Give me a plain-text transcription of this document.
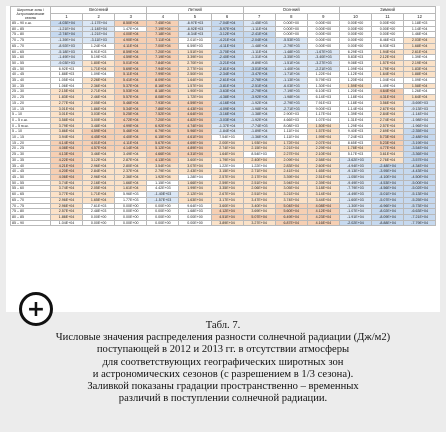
Широтные зоны / Астрономические сезоны	Весенний			Летний			Осенний			Зимний		
	1	2	3	4	5	6	7	8	9	10	11	12
85 – 90 с.ш.	-4.03E+04	-1.17E+04	8.50E+04	7.45E+04	-6.97E+03	-7.04E+04	-1.45E+03	0.00E+00	0.00E+00	0.00E+00	0.00E+00	1.18E+03
80 – 85	-1.21E+04	-1.14E+04	1.47E+04	7.19E+04	-6.92E+03	-5.97E+04	-1.11E+04	0.00E+00	0.00E+00	0.00E+00	0.00E+00	1.14E+04
75 – 80	-2.74E+04	-1.21E+04	4.00E+04	7.18E+04	-6.34E+03	-3.12E+04	-2.41E+04	0.00E+00	0.00E+00	0.00E+00	0.00E+00	1.46E+04
70 – 75	-1.39E+04	-3.11E+03	4.90E+04	7.11E+04	2.01E+03	-4.21E+04	-2.04E+04	-5.53E+03	0.00E+00	0.00E+00	8.46E+03	2.03E+04
65 – 70	-8.92E+03	1.24E+04	4.11E+04	7.00E+04	6.59E+03	-4.11E+04	-1.48E+04	-2.79E+03	0.00E+00	0.00E+00	6.93E+03	1.68E+04
60 – 65	-5.18E+03	6.91E+03	8.59E+04	7.20E+04	1.51E+04	-3.70E+04	-1.11E+04	-1.48E+03	-1.67E+03	6.29E+03	1.94E+04	2.61E+04
55 – 60	-1.49E+04	5.19E+03	4.59E+04	7.19E+04	3.39E+04	-2.40E+04	-1.31E+04	-3.35E+03	-3.40E+03	5.83E+03	2.12E+04	1.39E+04
50 – 55	-9.03E+03	1.80E+04	5.01E+04	7.84E+04	2.70E+04	-3.21E+04	-9.89E+03	-1.51E+04	-3.27E+03	9.08E+03	1.57E+04	2.19E+04
45 – 50	6.92E+03	1.71E+04	5.69E+04	7.94E+04	2.77E+04	-2.81E+04	-3.01E+04	-1.40E+04	-2.21E+03	1.09E+04	1.79E+04	1.83E+04
40 – 45	1.88E+03	1.09E+04	5.11E+04	7.99E+04	2.50E+04	-2.34E+04	-3.47E+04	-1.71E+04	1.22E+04	1.12E+04	1.64E+04	1.88E+04
35 – 40	1.05E+04	2.26E+04	5.41E+04	8.09E+04	1.64E+04	-2.61E+04	-2.76E+04	-1.13E+04	5.79E+03	1.20E+04	1.04E+04	1.09E+04
30 – 35	1.06E+04	2.36E+04	5.37E+04	8.16E+04	1.57E+04	-3.81E+04	-2.51E+04	-6.03E+03	1.30E+04	1.59E+04	1.49E+04	1.58E+04
25 – 30	2.15E+04	2.71E+04	5.53E+04	8.18E+04	1.90E+04	-3.63E+04	-2.79E+04	-7.19E+03	6.10E+03	1.20E+04	4.64E+04	1.26E+04
20 – 25	1.83E+04	2.46E+04	5.57E+04	8.08E+04	1.72E+04	-4.38E+04	-3.92E+04	-1.98E+04	6.14E+03	1.18E+04	4.31E+04	1.64E+04
15 – 20	2.77E+04	2.05E+04	5.46E+04	7.93E+04	4.59E+04	-4.16E+04	-1.92E+04	-2.79E+03	7.91E+03	1.18E+04	3.56E+04	-5.69E+03
10 – 15	3.01E+04	1.86E+04	5.34E+04	7.86E+04	4.43E+04	-4.09E+04	-1.98E+04	-2.71E+03	9.00E+03	1.14E+04	2.67E+04	-9.13E+03
5 – 10	3.01E+04	3.03E+04	5.25E+04	7.52E+04	4.64E+04	-3.16E+04	-1.38E+04	2.90E+03	1.17E+04	1.39E+04	2.84E+04	-1.14E+04
0 – 5 с.ш.	3.58E+04	3.00E+04	4.72E+04	7.20E+04	4.82E+04	-3.03E+04	-1.92E+04	4.66E+03	1.07E+04	1.31E+04	2.74E+04	-1.98E+04
0 – 5 ю.ш.	3.79E+04	3.48E+04	4.99E+04	6.92E+04	4.74E+04	-1.37E+04	-7.74E+03	8.08E+03	1.50E+04	1.29E+04	2.57E+04	-1.96E+04
5 – 10	3.86E+04	4.59E+04	5.46E+04	6.79E+04	5.96E+04	-1.84E+04	-1.89E+04	1.11E+04	1.57E+04	9.40E+03	2.69E+04	-2.35E+04
10 – 15	3.94E+04	4.45E+04	4.40E+04	6.15E+04	4.61E+04	7.54E+03	-1.36E+04	1.11E+04	1.99E+04	7.24E+03	5.73E+04	-2.48E+04
15 – 20	4.14E+04	4.01E+04	4.11E+04	5.67E+04	4.69E+04	2.00E+04	1.93E+04	1.72E+04	2.07E+04	8.65E+03	5.23E+04	-3.19E+04
20 – 25	4.08E+04	4.57E+04	4.14E+04	5.12E+04	4.89E+04	2.74E+04	2.15E+04	2.21E+04	2.29E+04	1.78E+04	4.77E+04	-3.54E+04
25 – 30	4.13E+04	3.46E+04	3.49E+04	4.66E+04	4.31E+04	1.64E+04	8.54E+03	2.27E+04	2.10E+04	5.17E+03	3.61E+04	-3.36E+04
30 – 35	4.22E+04	3.12E+04	2.87E+04	4.13E+04	3.60E+04	1.79E+04	2.40E+04	2.09E+04	2.58E+04	-3.62E+03	2.76E+04	-3.57E+04
35 – 40	4.21E+04	2.96E+04	2.80E+04	3.54E+04	3.07E+04	1.22E+04	1.22E+04	2.83E+04	2.60E+04	-4.94E+03	-2.48E+04	-4.34E+04
40 – 45	4.20E+04	2.84E+04	2.37E+04	2.79E+04	2.43E+04	3.15E+04	2.71E+04	2.41E+04	1.65E+04	-9.13E+03	-3.95E+04	-4.43E+04
45 – 50	4.06E+04	2.96E+04	2.36E+04	1.92E+04	1.28E+04	2.57E+04	2.17E+04	3.39E+04	2.51E+04	-1.05E+04	-4.10E+04	-4.50E+04
50 – 55	3.74E+04	2.16E+04	1.66E+04	1.15E+04	1.66E+04	2.59E+04	2.51E+04	3.94E+04	2.39E+04	-9.49E+03	-4.53E+04	-5.00E+04
55 – 60	3.74E+04	2.05E+04	1.61E+04	4.42E+03	1.99E+04	3.35E+04	2.06E+04	3.05E+04	3.18E+04	-7.79E+03	-4.56E+04	-5.02E+04
60 – 65	3.77E+04	1.71E+04	5.96E+03	-1.40E+03	2.12E+04	2.67E+04	2.51E+04	3.21E+04	3.14E+04	-4.49E+03	-5.01E+04	-5.13E+04
65 – 70	2.96E+04	1.65E+04	1.77E+03	-1.57E+03	1.63E+04	3.17E+04	3.47E+04	3.74E+04	3.44E+04	-1.60E+03	-5.07E+04	-5.25E+04
70 – 75	2.96E+04	7.61E+03	0.00E+00	0.00E+00	9.64E+03	3.60E+04	3.40E+04	5.04E+04	4.08E+04	-1.30E+04	-6.96E+04	-5.73E+04
75 – 80	2.57E+04	2.48E+03	0.00E+00	0.00E+00	1.68E+03	4.12E+04	3.69E+04	5.60E+04	4.12E+04	-1.07E+04	-8.02E+04	-6.63E+04
80 – 85	1.86E+04	0.00E+00	0.00E+00	0.00E+00	0.00E+00	4.51E+04	5.07E+04	6.49E+04	4.23E+04	-1.91E+04	-8.09E+04	-7.21E+04
85 – 90	1.04E+04	0.00E+00	0.00E+00	0.00E+00	0.00E+00	3.89E+04	3.27E+04	6.87E+04	4.16E+04	-2.02E+04	-8.88E+04	-7.79E+04
+
Табл. 7.
Числовые значения распределения разности солнечной радиации (Дж/м2)
поступающей в 2012 и 2013 гг. в отсутствии атмосферы
для соответствующих географических широтных зон
и астрономических сезонов (с разрешением в 1/3 сезона).
Заливкой показаны градации пространственно – временных
различий в поступлении солнечной радиации.
